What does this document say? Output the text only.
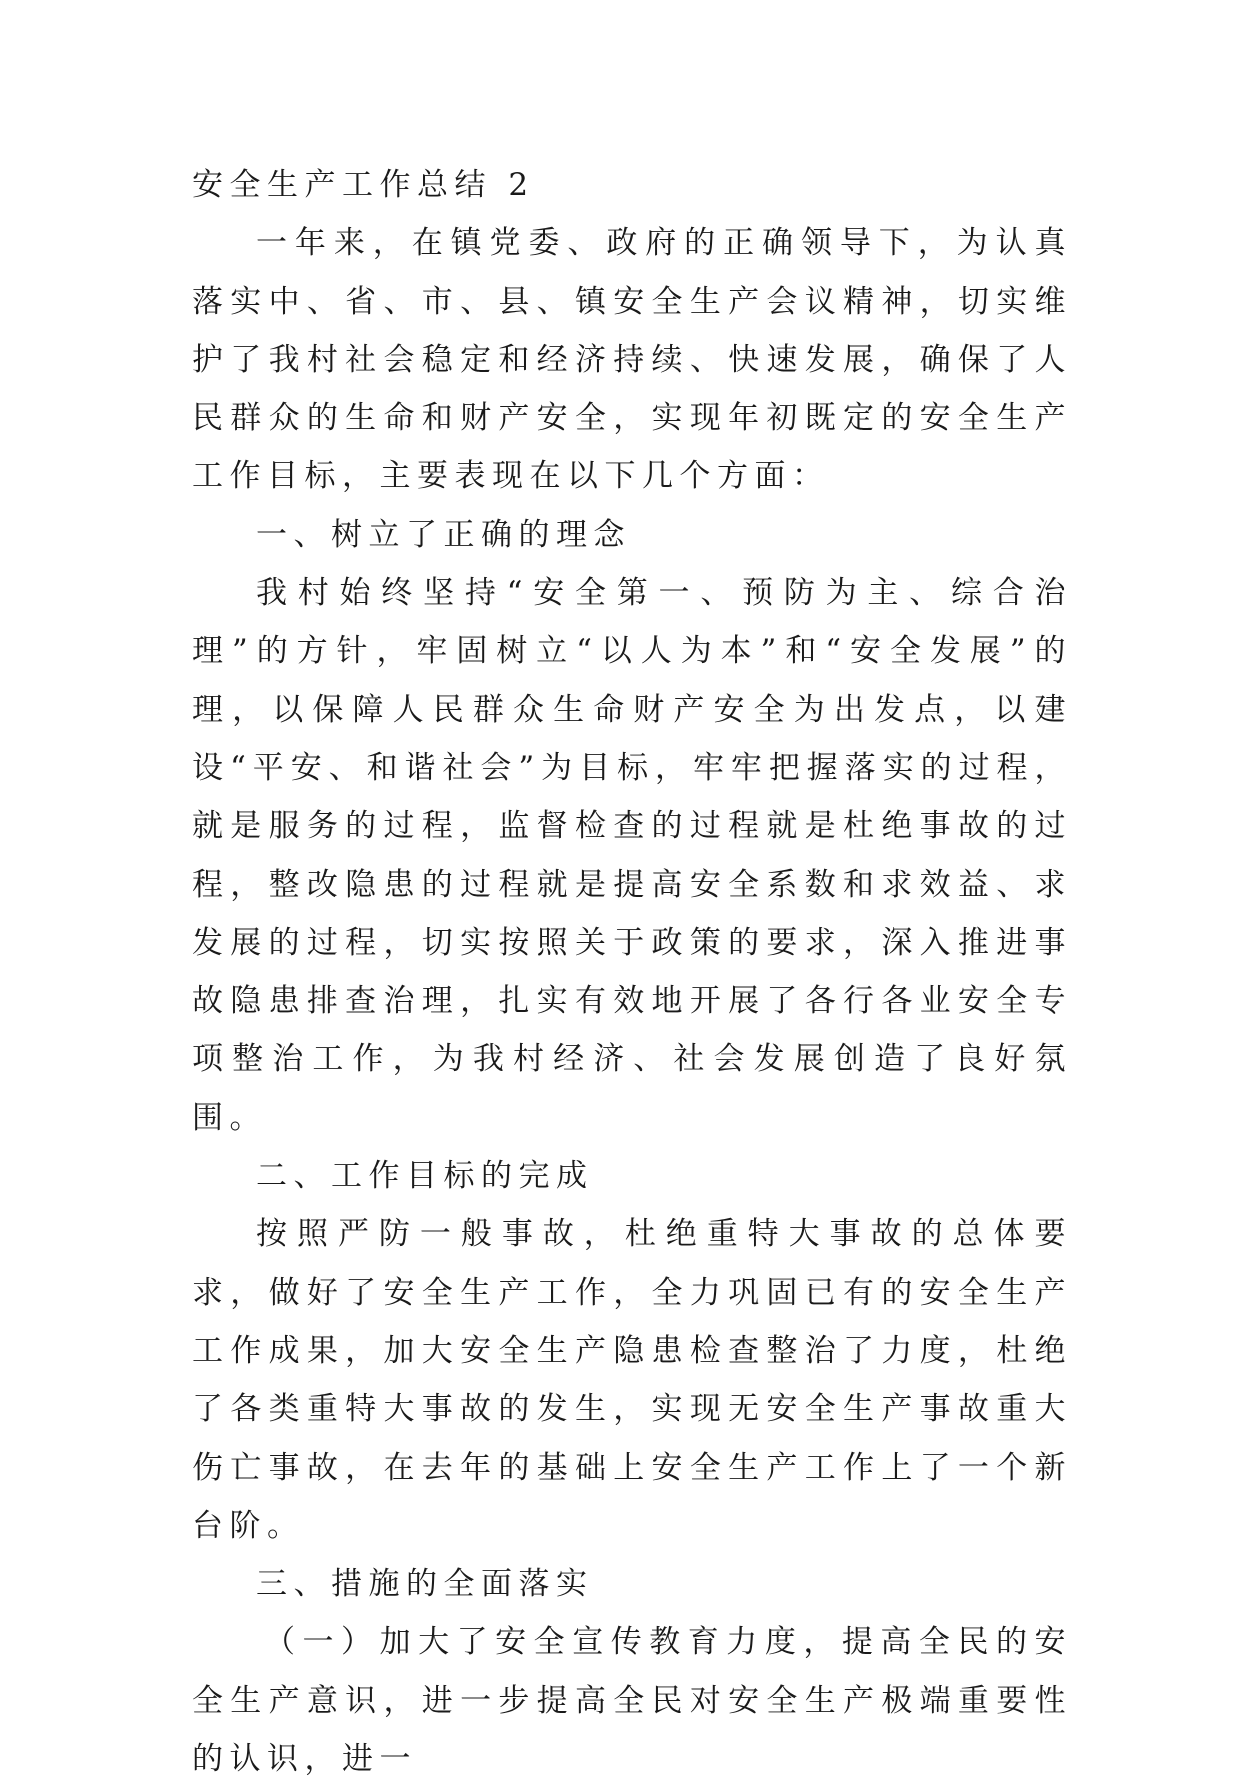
安全生产工作总结 2

一年来，在镇党委、政府的正确领导下，为认真落实中、省、市、县、镇安全生产会议精神，切实维护了我村社会稳定和经济持续、快速发展，确保了人民群众的生命和财产安全，实现年初既定的安全生产工作目标，主要表现在以下几个方面：

一、树立了正确的理念

我村始终坚持“安全第一、预防为主、综合治理”的方针，牢固树立“以人为本”和“安全发展”的理，以保障人民群众生命财产安全为出发点，以建设“平安、和谐社会”为目标，牢牢把握落实的过程，就是服务的过程，监督检查的过程就是杜绝事故的过程，整改隐患的过程就是提高安全系数和求效益、求发展的过程，切实按照关于政策的要求，深入推进事故隐患排查治理，扎实有效地开展了各行各业安全专项整治工作，为我村经济、社会发展创造了良好氛围。

二、工作目标的完成

按照严防一般事故，杜绝重特大事故的总体要求，做好了安全生产工作，全力巩固已有的安全生产工作成果，加大安全生产隐患检查整治了力度，杜绝了各类重特大事故的发生，实现无安全生产事故重大伤亡事故，在去年的基础上安全生产工作上了一个新台阶。

三、措施的全面落实

（一）加大了安全宣传教育力度，提高全民的安全生产意识，进一步提高全民对安全生产极端重要性的认识，进一
